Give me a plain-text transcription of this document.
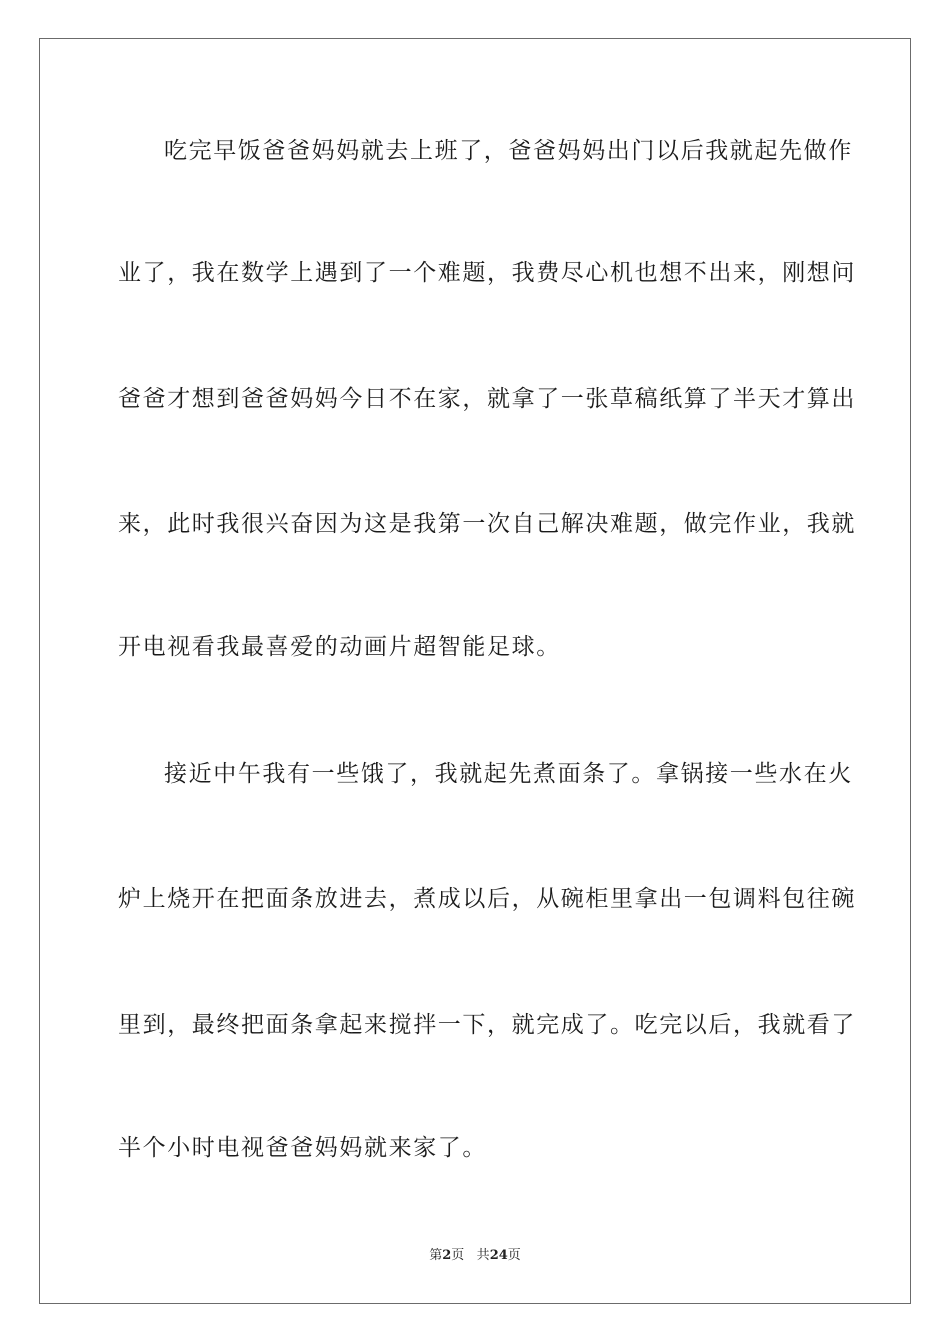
吃完早饭爸爸妈妈就去上班了，爸爸妈妈出门以后我就起先做作
业了，我在数学上遇到了一个难题，我费尽心机也想不出来，刚想问
爸爸才想到爸爸妈妈今日不在家，就拿了一张草稿纸算了半天才算出
来，此时我很兴奋因为这是我第一次自己解决难题，做完作业，我就
开电视看我最喜爱的动画片超智能足球。
接近中午我有一些饿了，我就起先煮面条了。拿锅接一些水在火
炉上烧开在把面条放进去，煮成以后，从碗柜里拿出一包调料包往碗
里到，最终把面条拿起来搅拌一下，就完成了。吃完以后，我就看了
半个小时电视爸爸妈妈就来家了。
第2页 共24页
